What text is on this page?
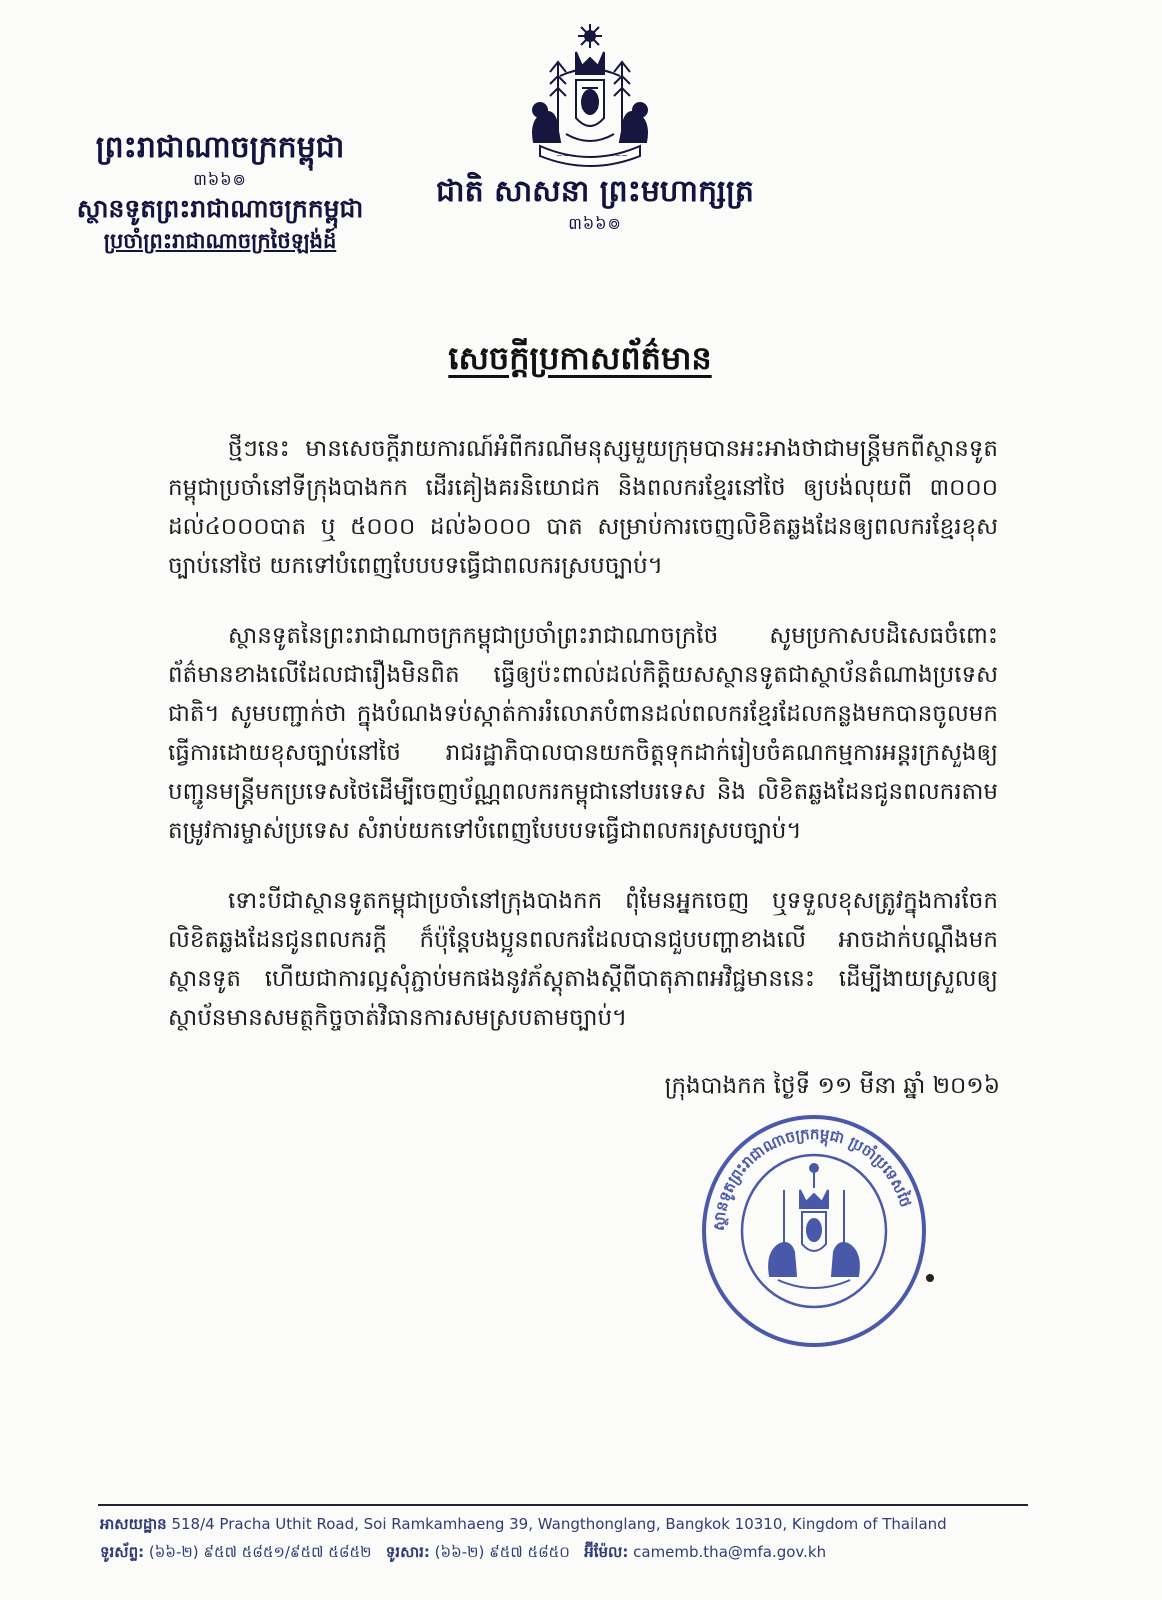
ព្រះរាជាណាចក្រកម្ពុជា
៣៦៦៙
ស្ថានទូតព្រះរាជាណាចក្រកម្ពុជា
ប្រចាំព្រះរាជាណាចក្រថៃឡង់ដ៍
~~~	~~~
ជាតិ សាសនា ព្រះមហាក្សត្រ
៣៦៦៙
សេចក្ដីប្រកាសព័ត៌មាន

ថ្មីៗនេះ មានសេចក្ដីរាយការណ៍អំពីករណីមនុស្សមួយក្រុមបានអះអាងថាជាមន្ត្រីមកពីស្ថានទូតកម្ពុជាប្រចាំនៅទីក្រុងបាងកក ដើរគៀងគរនិយោជក និងពលករខ្មែរនៅថៃ ឲ្យបង់លុយពី ៣០០០ ដល់៤០០០បាត ឬ ៥០០០ ដល់៦០០០ បាត សម្រាប់ការចេញលិខិតឆ្លងដែនឲ្យពលករខ្មែរខុសច្បាប់នៅថៃ យកទៅបំពេញបែបបទធ្វើជាពលករស្របច្បាប់។

ស្ថានទូតនៃព្រះរាជាណាចក្រកម្ពុជាប្រចាំព្រះរាជាណាចក្រថៃ សូមប្រកាសបដិសេធចំពោះព័ត៌មានខាងលើដែលជារឿងមិនពិត ធ្វើឲ្យប៉ះពាល់ដល់កិត្តិយសស្ថានទូតជាស្ថាប័នតំណាងប្រទេសជាតិ។ សូមបញ្ជាក់ថា ក្នុងបំណងទប់ស្កាត់ការរំលោភបំពានដល់ពលករខ្មែរដែលកន្លងមកបានចូលមកធ្វើការដោយខុសច្បាប់នៅថៃ រាជរដ្ឋាភិបាលបានយកចិត្តទុកដាក់រៀបចំគណកម្មការអន្តរក្រសួងឲ្យបញ្ជូនមន្ត្រីមកប្រទេសថៃដើម្បីចេញប័ណ្ណពលករកម្ពុជានៅបរទេស និង លិខិតឆ្លងដែនជូនពលករតាមតម្រូវការម្ចាស់ប្រទេស សំរាប់យកទៅបំពេញបែបបទធ្វើជាពលករស្របច្បាប់។

ទោះបីជាស្ថានទូតកម្ពុជាប្រចាំនៅក្រុងបាងកក ពុំមែនអ្នកចេញ ឬទទួលខុសត្រូវក្នុងការចែកលិខិតឆ្លងដែនជូនពលករក្ដី ក៏ប៉ុន្តែបងប្អូនពលករដែលបានជួបបញ្ហាខាងលើ អាចដាក់បណ្ដឹងមកស្ថានទូត ហើយជាការល្អសុំភ្ជាប់មកផងនូវភ័ស្តុតាងស្តីពីបាតុភាពអវិជ្ជមាននេះ ដើម្បីងាយស្រួលឲ្យស្ថាប័នមានសមត្ថកិច្ចចាត់វិធានការសមស្របតាមច្បាប់។

ក្រុងបាងកក ថ្ងៃទី ១១ មីនា ឆ្នាំ ២០១៦
ស្ថានទូតព្រះរាជាណាចក្រកម្ពុជា ប្រចាំប្រទេសថៃ
អាសយដ្ឋាន 518/4 Pracha Uthit Road, Soi Ramkamhaeng 39, Wangthonglang, Bangkok 10310, Kingdom of Thailand
ទូរស័ព្ទ: (៦៦-២) ៩៥៧ ៥៨៥១/៩៥៧ ៥៨៥២ ទូរសារ: (៦៦-២) ៩៥៧ ៥៨៥០ អ៊ីម៉ែល: camemb.tha@mfa.gov.kh
